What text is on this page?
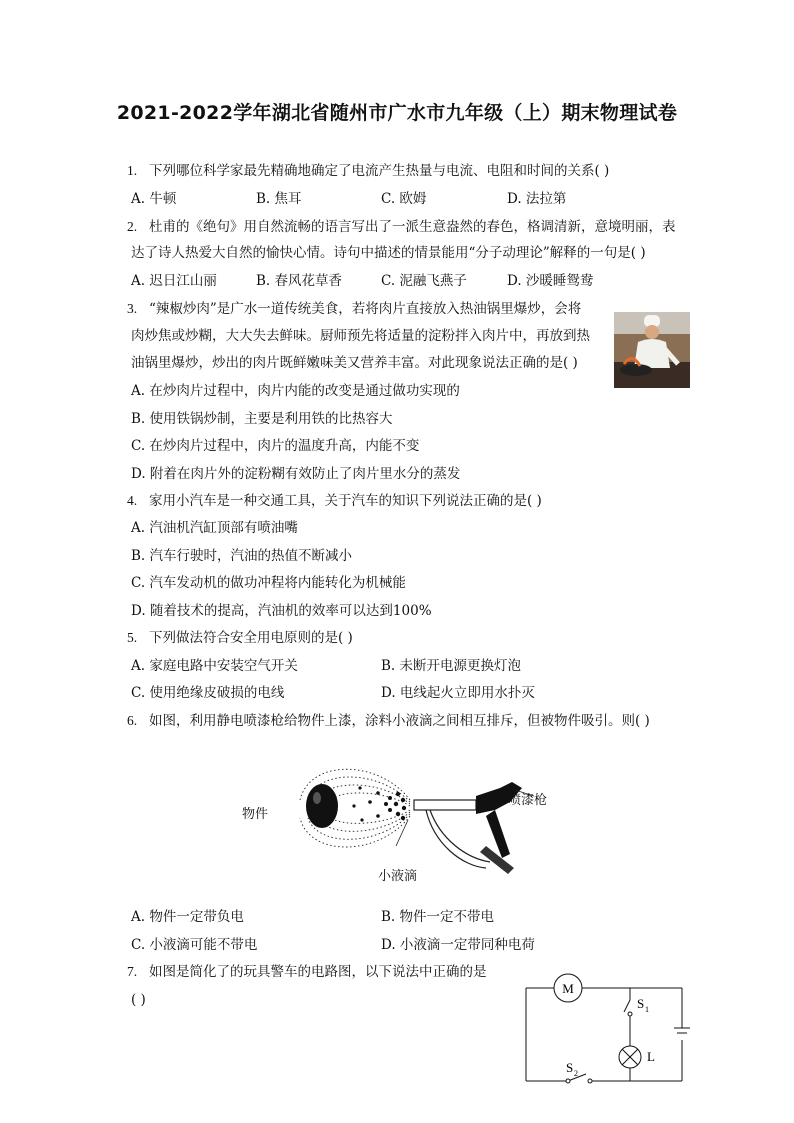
2021-2022学年湖北省随州市广水市九年级（上）期末物理试卷
1. 下列哪位科学家最先精确地确定了电流产生热量与电流、电阻和时间的关系( )
A. 牛顿	B. 焦耳	C. 欧姆	D. 法拉第
2. 杜甫的《绝句》用自然流畅的语言写出了一派生意盎然的春色，格调清新，意境明丽，表
达了诗人热爱大自然的愉快心情。诗句中描述的情景能用“分子动理论”解释的一句是( )
A. 迟日江山丽	B. 春风花草香	C. 泥融飞燕子	D. 沙暖睡鸳鸯
3. “辣椒炒肉”是广水一道传统美食，若将肉片直接放入热油锅里爆炒，会将
肉炒焦或炒糊，大大失去鲜味。厨师预先将适量的淀粉拌入肉片中，再放到热
油锅里爆炒，炒出的肉片既鲜嫩味美又营养丰富。对此现象说法正确的是( )
A. 在炒肉片过程中，肉片内能的改变是通过做功实现的
B. 使用铁锅炒制，主要是利用铁的比热容大
C. 在炒肉片过程中，肉片的温度升高，内能不变
D. 附着在肉片外的淀粉糊有效防止了肉片里水分的蒸发
4. 家用小汽车是一种交通工具，关于汽车的知识下列说法正确的是( )
A. 汽油机汽缸顶部有喷油嘴
B. 汽车行驶时，汽油的热值不断减小
C. 汽车发动机的做功冲程将内能转化为机械能
D. 随着技术的提高，汽油机的效率可以达到100%
5. 下列做法符合安全用电原则的是( )
A. 家庭电路中安装空气开关	B. 未断开电源更换灯泡
C. 使用绝缘皮破损的电线	D. 电线起火立即用水扑灭
6. 如图，利用静电喷漆枪给物件上漆，涂料小液滴之间相互排斥，但被物件吸引。则( )
物件
喷漆枪
小液滴
A. 物件一定带负电	B. 物件一定不带电
C. 小液滴可能不带电	D. 小液滴一定带同种电荷
7. 如图是简化了的玩具警车的电路图，以下说法中正确的是
( )
M
S 1
L
S 2
